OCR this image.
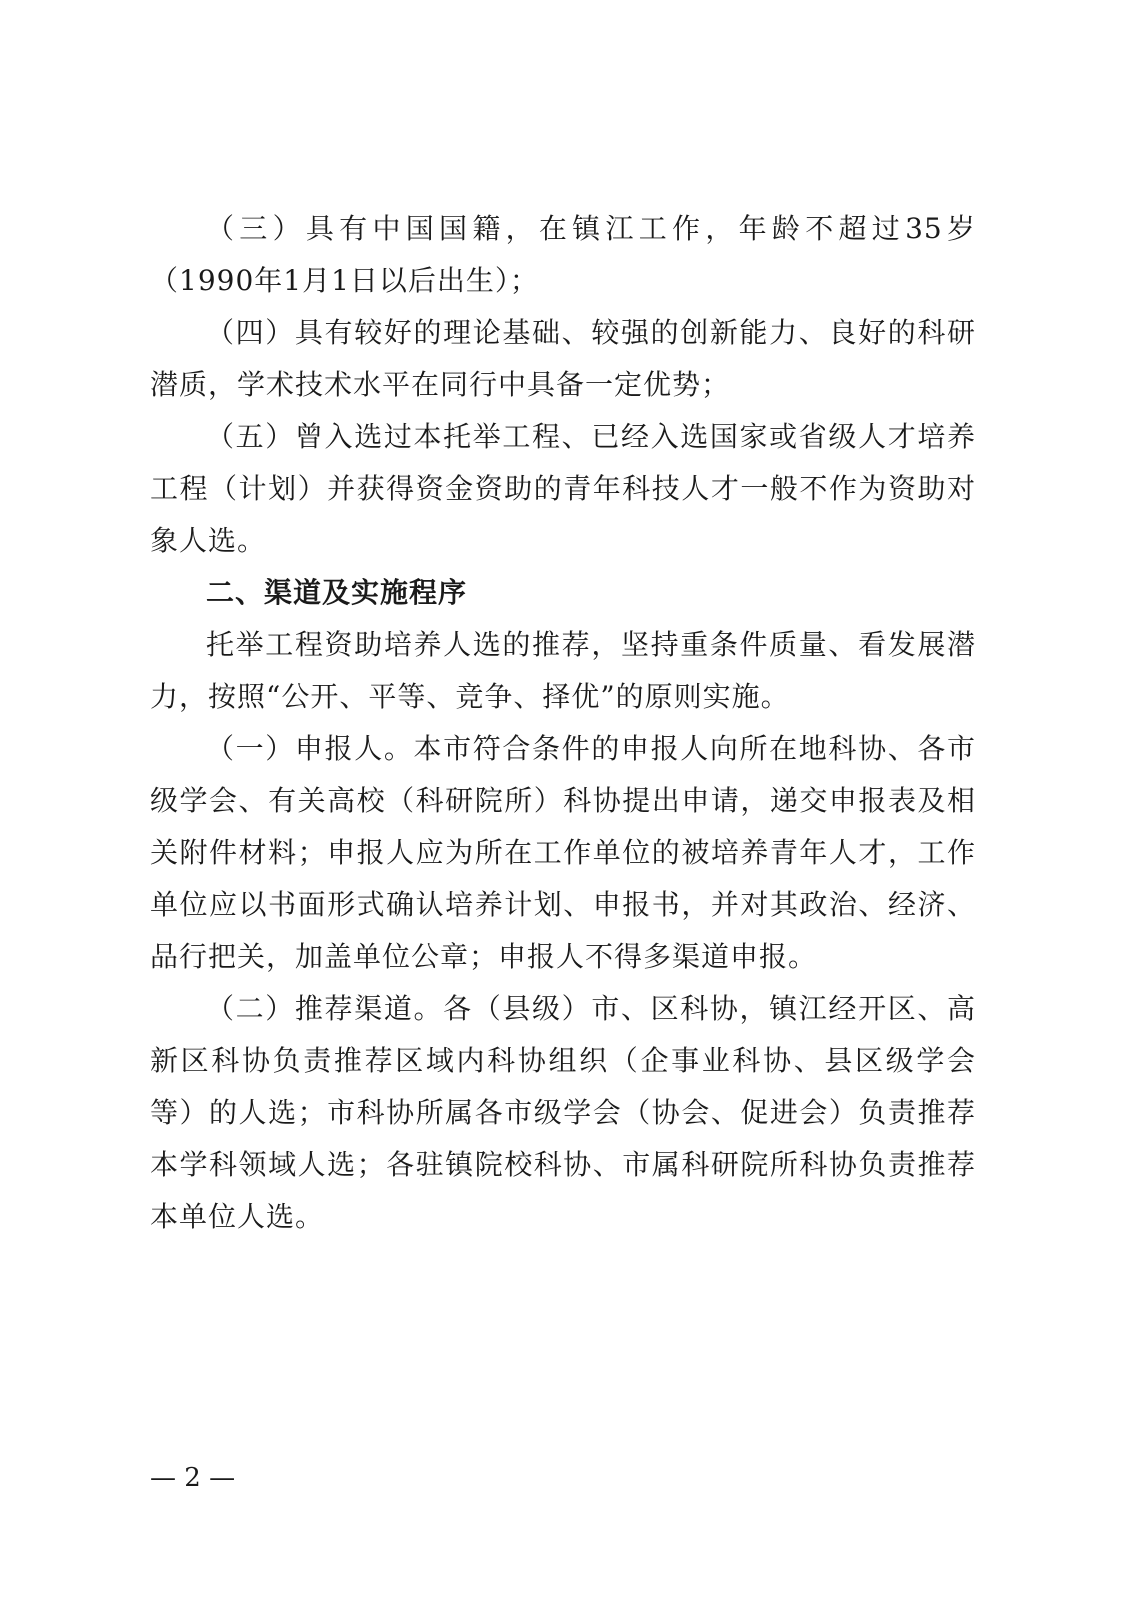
（三）具有中国国籍，在镇江工作，年龄不超过35岁（1990年1月1日以后出生）；

（四）具有较好的理论基础、较强的创新能力、良好的科研潜质，学术技术水平在同行中具备一定优势；

（五）曾入选过本托举工程、已经入选国家或省级人才培养工程（计划）并获得资金资助的青年科技人才一般不作为资助对象人选。

二、渠道及实施程序

托举工程资助培养人选的推荐，坚持重条件质量、看发展潜力，按照“公开、平等、竞争、择优”的原则实施。

（一）申报人。本市符合条件的申报人向所在地科协、各市级学会、有关高校（科研院所）科协提出申请，递交申报表及相关附件材料；申报人应为所在工作单位的被培养青年人才，工作单位应以书面形式确认培养计划、申报书，并对其政治、经济、品行把关，加盖单位公章；申报人不得多渠道申报。

（二）推荐渠道。各（县级）市、区科协，镇江经开区、高新区科协负责推荐区域内科协组织（企事业科协、县区级学会等）的人选；市科协所属各市级学会（协会、促进会）负责推荐本学科领域人选；各驻镇院校科协、市属科研院所科协负责推荐本单位人选。

— 2 —
